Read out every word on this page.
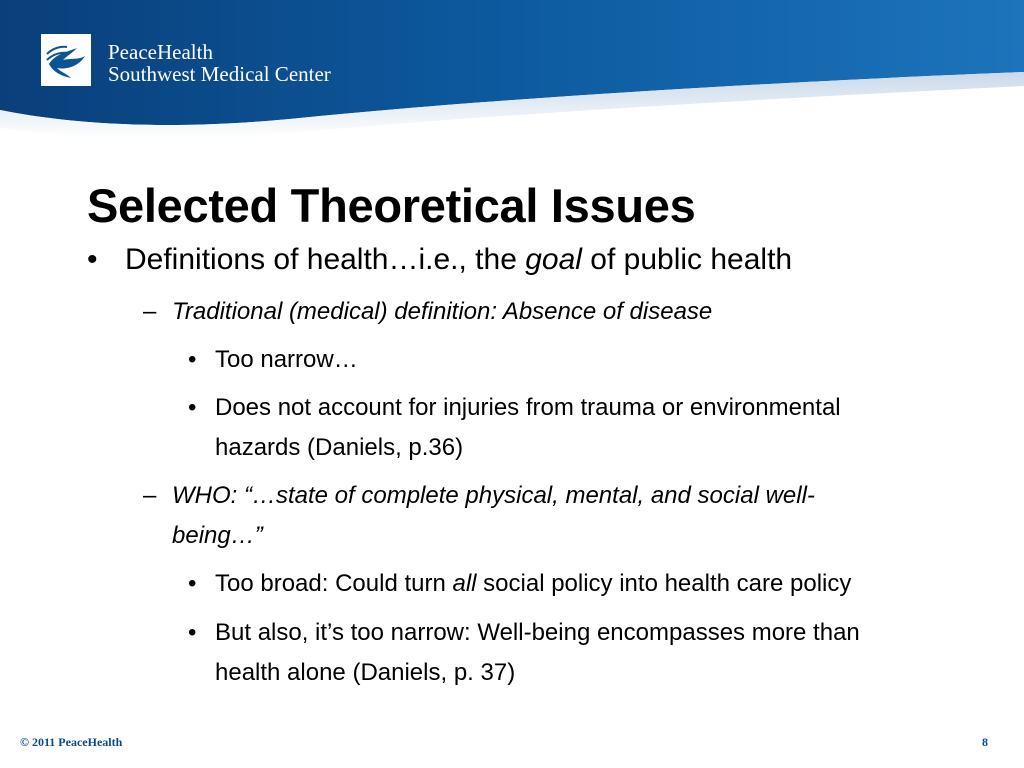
PeaceHealth
Southwest Medical Center
Selected Theoretical Issues
• Definitions of health…i.e., the goal of public health
– Traditional (medical) definition: Absence of disease
• Too narrow…
• Does not account for injuries from trauma or environmental
hazards (Daniels, p.36)
– WHO: “…state of complete physical, mental, and social well-
being…”
• Too broad: Could turn all social policy into health care policy
• But also, it’s too narrow: Well-being encompasses more than
health alone (Daniels, p. 37)
© 2011 PeaceHealth	8
